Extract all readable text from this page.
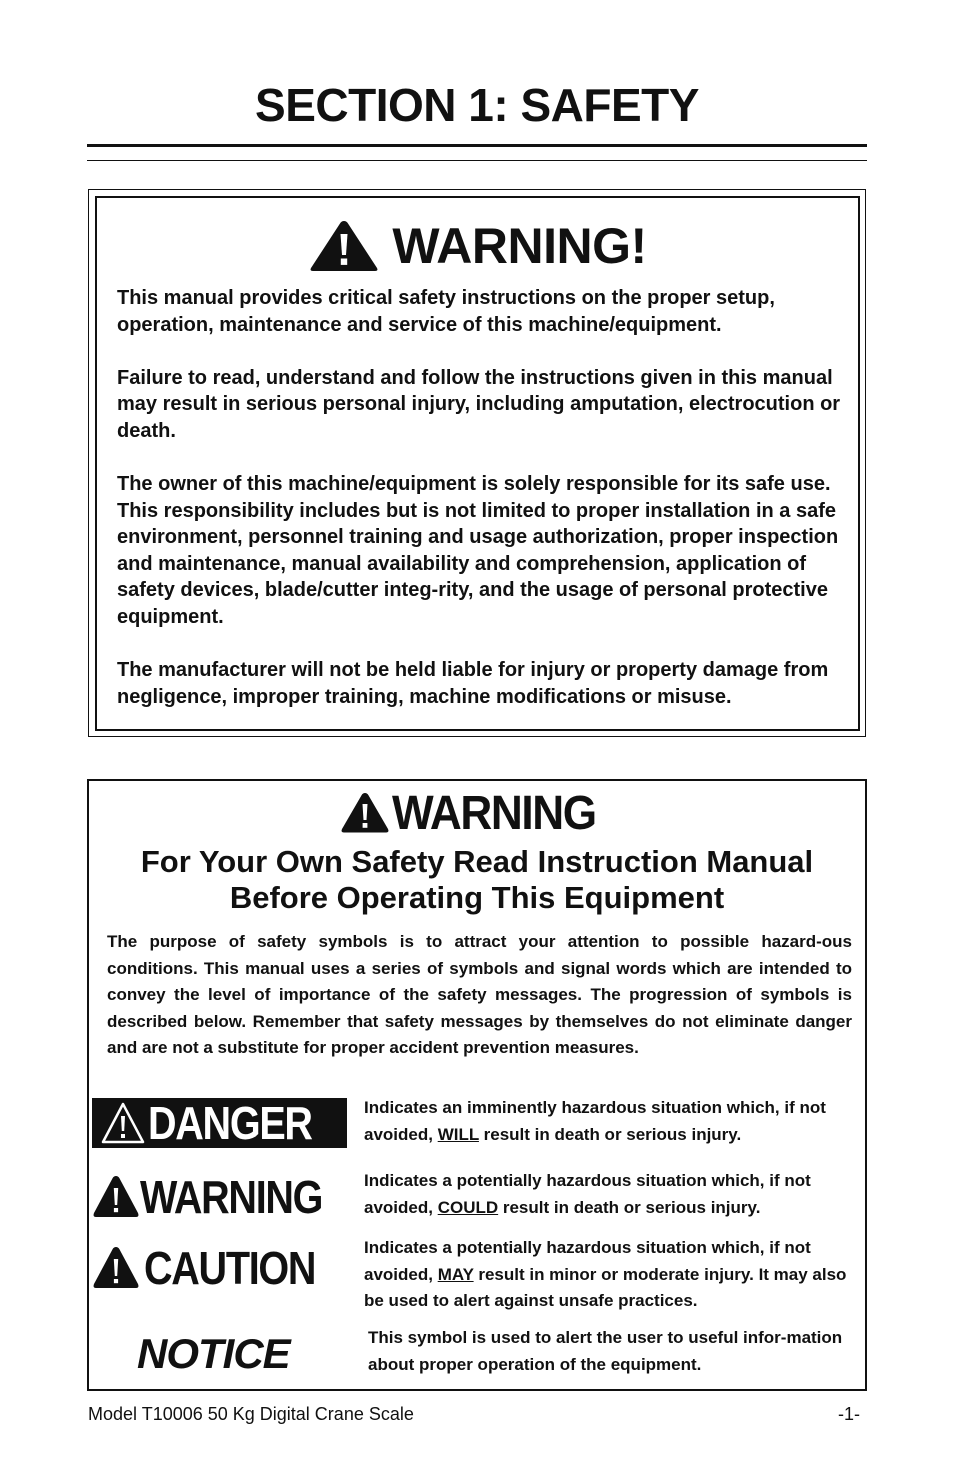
SECTION 1: SAFETY
WARNING!

This manual provides critical safety instructions on the proper setup, operation, maintenance and service of this machine/equipment.

Failure to read, understand and follow the instructions given in this manual may result in serious personal injury, including amputation, electrocution or death.

The owner of this machine/equipment is solely responsible for its safe use. This responsibility includes but is not limited to proper installation in a safe environment, personnel training and usage authorization, proper inspection and maintenance, manual availability and comprehension, application of safety devices, blade/cutter integ-rity, and the usage of personal protective equipment.

The manufacturer will not be held liable for injury or property damage from negligence, improper training, machine modifications or misuse.

WARNING
For Your Own Safety Read Instruction Manual
Before Operating This Equipment

The purpose of safety symbols is to attract your attention to possible hazard-ous conditions. This manual uses a series of symbols and signal words which are intended to convey the level of importance of the safety messages. The progression of symbols is described below. Remember that safety messages by themselves do not eliminate danger and are not a substitute for proper accident prevention measures.

DANGER	Indicates an imminently hazardous situation which, if not avoided, WILL result in death or serious injury.

WARNING Indicates a potentially hazardous situation which, if not avoided, COULD result in death or serious injury.

CAUTION	Indicates a potentially hazardous situation which, if not avoided, MAY result in minor or moderate injury. It may also be used to alert against unsafe practices.

NOTICE	This symbol is used to alert the user to useful infor-mation about proper operation of the equipment.

Model T10006 50 Kg Digital Crane Scale	-1-
